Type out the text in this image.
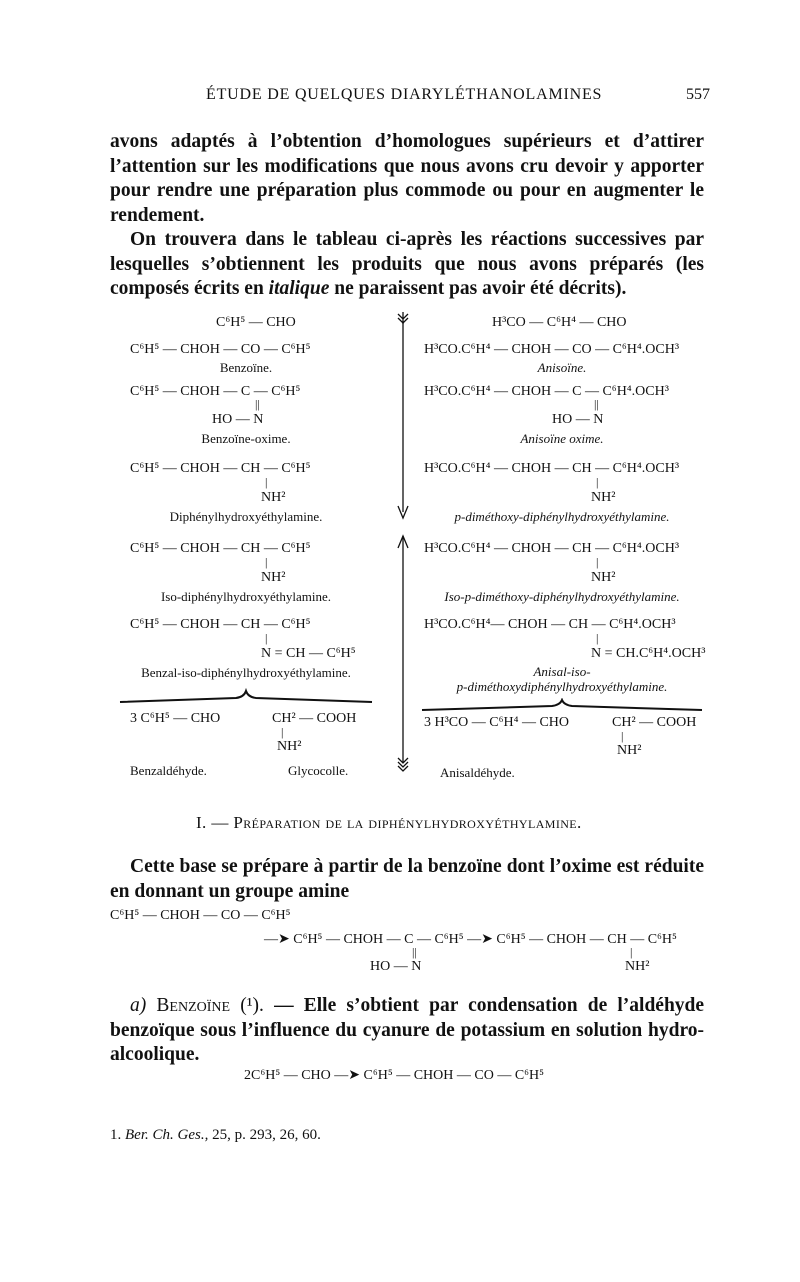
ÉTUDE DE QUELQUES DIARYLÉTHANOLAMINES	557

avons adaptés à l’obtention d’homologues supérieurs et d’attirer l’attention sur les modifications que nous avons cru devoir y apporter pour rendre une préparation plus commode ou pour en augmenter le rendement.

On trouvera dans le tableau ci-après les réactions successives par lesquelles s’obtiennent les produits que nous avons préparés (les composés écrits en italique ne paraissent pas avoir été décrits).

C⁶H⁵ — CHO
C⁶H⁵ — CHOH — CO — C⁶H⁵
Benzoïne.
C⁶H⁵ — CHOH — C — C⁶H⁵
||
HO — N
Benzoïne-oxime.
C⁶H⁵ — CHOH — CH — C⁶H⁵
|
NH²
Diphénylhydroxyéthylamine.
C⁶H⁵ — CHOH — CH — C⁶H⁵
|
NH²
Iso-diphénylhydroxyéthylamine.
C⁶H⁵ — CHOH — CH — C⁶H⁵
|
N = CH — C⁶H⁵
Benzal-iso-diphénylhydroxyéthylamine.
3 C⁶H⁵ — CHO	CH² — COOH
|
NH²
Benzaldéhyde.	Glycocolle.
H³CO — C⁶H⁴ — CHO
H³CO.C⁶H⁴ — CHOH — CO — C⁶H⁴.OCH³
Anisoïne.
H³CO.C⁶H⁴ — CHOH — C — C⁶H⁴.OCH³
||
HO — N
Anisoïne oxime.
H³CO.C⁶H⁴ — CHOH — CH — C⁶H⁴.OCH³
|
NH²
p-diméthoxy-diphénylhydroxyéthylamine.
H³CO.C⁶H⁴ — CHOH — CH — C⁶H⁴.OCH³
|
NH²
Iso-p-diméthoxy-diphénylhydroxyéthylamine.
H³CO.C⁶H⁴— CHOH — CH — C⁶H⁴.OCH³
|
N = CH.C⁶H⁴.OCH³
Anisal-iso-
p-diméthoxydiphénylhydroxyéthylamine.
3 H³CO — C⁶H⁴ — CHO	CH² — COOH
|
NH²
Anisaldéhyde.
I. — Préparation de la diphénylhydroxyéthylamine.

Cette base se prépare à partir de la benzoïne dont l’oxime est réduite en donnant un groupe amine

C⁶H⁵ — CHOH — CO — C⁶H⁵
—➤ C⁶H⁵ — CHOH — C — C⁶H⁵ —➤ C⁶H⁵ — CHOH — CH — C⁶H⁵
||
HO — N
|
NH²

a) Benzoïne (¹). — Elle s’obtient par condensation de l’aldéhyde benzoïque sous l’influence du cyanure de potassium en solution hydro-alcoolique.

2C⁶H⁵ — CHO —➤ C⁶H⁵ — CHOH — CO — C⁶H⁵
1. Ber. Ch. Ges., 25, p. 293, 26, 60.
